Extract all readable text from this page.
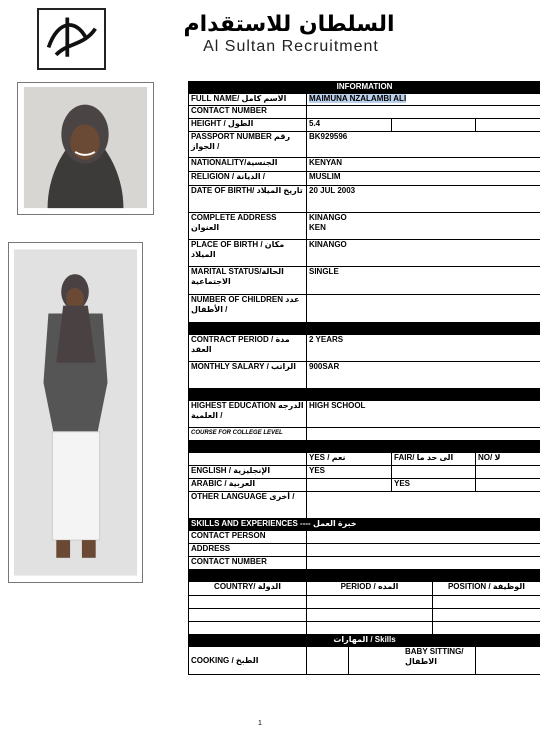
السلطان للاستقدام
Al Sultan Recruitment
INFORMATION					
FULL NAME/ الاسم كامل	MAIMUNA NZALAMBI ALI				
CONTACT NUMBER					
HEIGHT / الطول	5.4				
PASSPORT NUMBER رقم الجواز /	BK929596				
NATIONALITY/الجنسية	KENYAN				
RELIGION / الديانة /	MUSLIM				
DATE OF BIRTH/ تاريخ الميلاد	20 JUL 2003				
COMPLETE ADDRESS العنوان	KINANGO
KEN				

PLACE OF BIRTH / مكان الميلاد	KINANGO				
MARITAL STATUS/الحالة الاجتماعية	SINGLE				
NUMBER OF CHILDREN عدد الأطفال /					

CONTRACT PERIOD / مدة العقد	2 YEARS				
MONTHLY SALARY / الراتب	900SAR				

HIGHEST EDUCATION الدرجه العلمية /	HIGH SCHOOL				
COURSE FOR COLLEGE LEVEL					

	YES / نعم		FAIR/ الى حد ما		NO/ لا
ENGLISH / الإنجليزية	YES				
ARABIC / العربية			YES		
OTHER LANGUAGE أخرى /					
SKILLS AND EXPERIENCES ---- خبرة العمل					
CONTACT PERSON					
ADDRESS					
CONTACT NUMBER					

COUNTRY/ الدولة	PERIOD / المده			POSITION / الوظيفة	

المهارات / Skills					
COOKING / الطبخ		BABY SITTING/ الاطفال			
1
